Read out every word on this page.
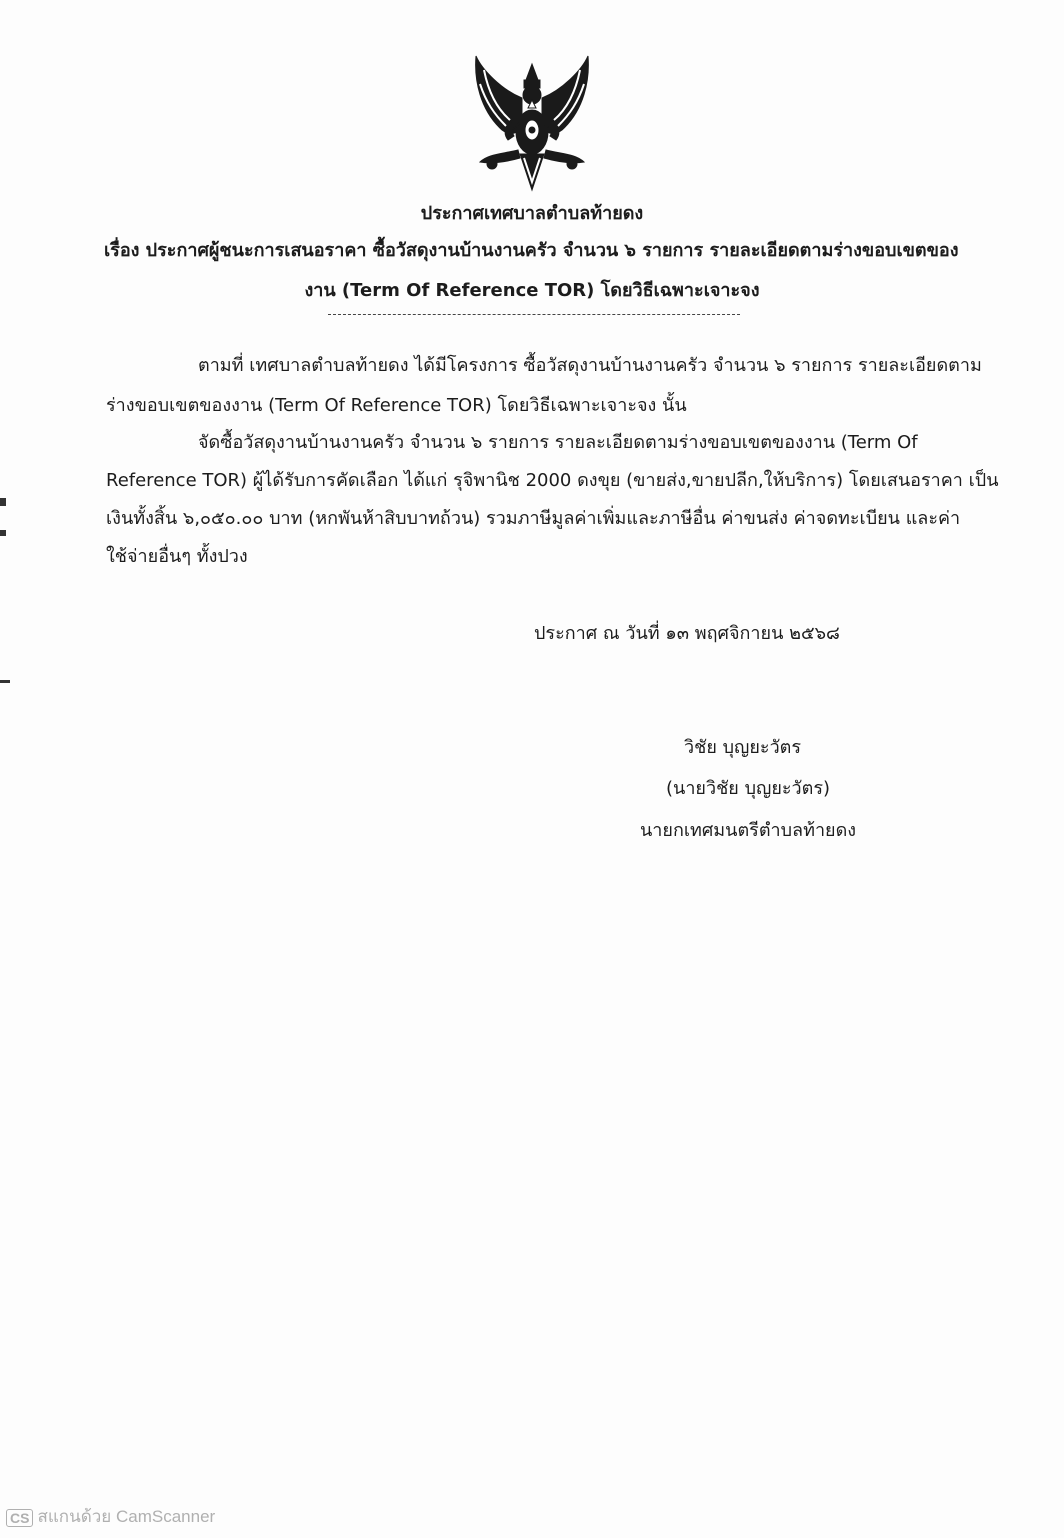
ประกาศเทศบาลตำบลท้ายดง
เรื่อง ประกาศผู้ชนะการเสนอราคา ซื้อวัสดุงานบ้านงานครัว จำนวน ๖ รายการ รายละเอียดตามร่างขอบเขตของ
งาน (Term Of Reference TOR) โดยวิธีเฉพาะเจาะจง
ตามที่ เทศบาลตำบลท้ายดง ได้มีโครงการ ซื้อวัสดุงานบ้านงานครัว จำนวน ๖ รายการ รายละเอียดตาม
ร่างขอบเขตของงาน (Term Of Reference TOR) โดยวิธีเฉพาะเจาะจง นั้น
จัดซื้อวัสดุงานบ้านงานครัว จำนวน ๖ รายการ รายละเอียดตามร่างขอบเขตของงาน (Term Of
Reference TOR) ผู้ได้รับการคัดเลือก ได้แก่ รุจิพานิช 2000 ดงขุย (ขายส่ง,ขายปลีก,ให้บริการ) โดยเสนอราคา เป็น
เงินทั้งสิ้น ๖,๐๕๐.๐๐ บาท (หกพันห้าสิบบาทถ้วน) รวมภาษีมูลค่าเพิ่มและภาษีอื่น ค่าขนส่ง ค่าจดทะเบียน และค่า
ใช้จ่ายอื่นๆ ทั้งปวง
ประกาศ ณ วันที่ ๑๓ พฤศจิกายน ๒๕๖๘
วิชัย บุญยะวัตร
(นายวิชัย บุญยะวัตร)
นายกเทศมนตรีตำบลท้ายดง
CS สแกนด้วย CamScanner
